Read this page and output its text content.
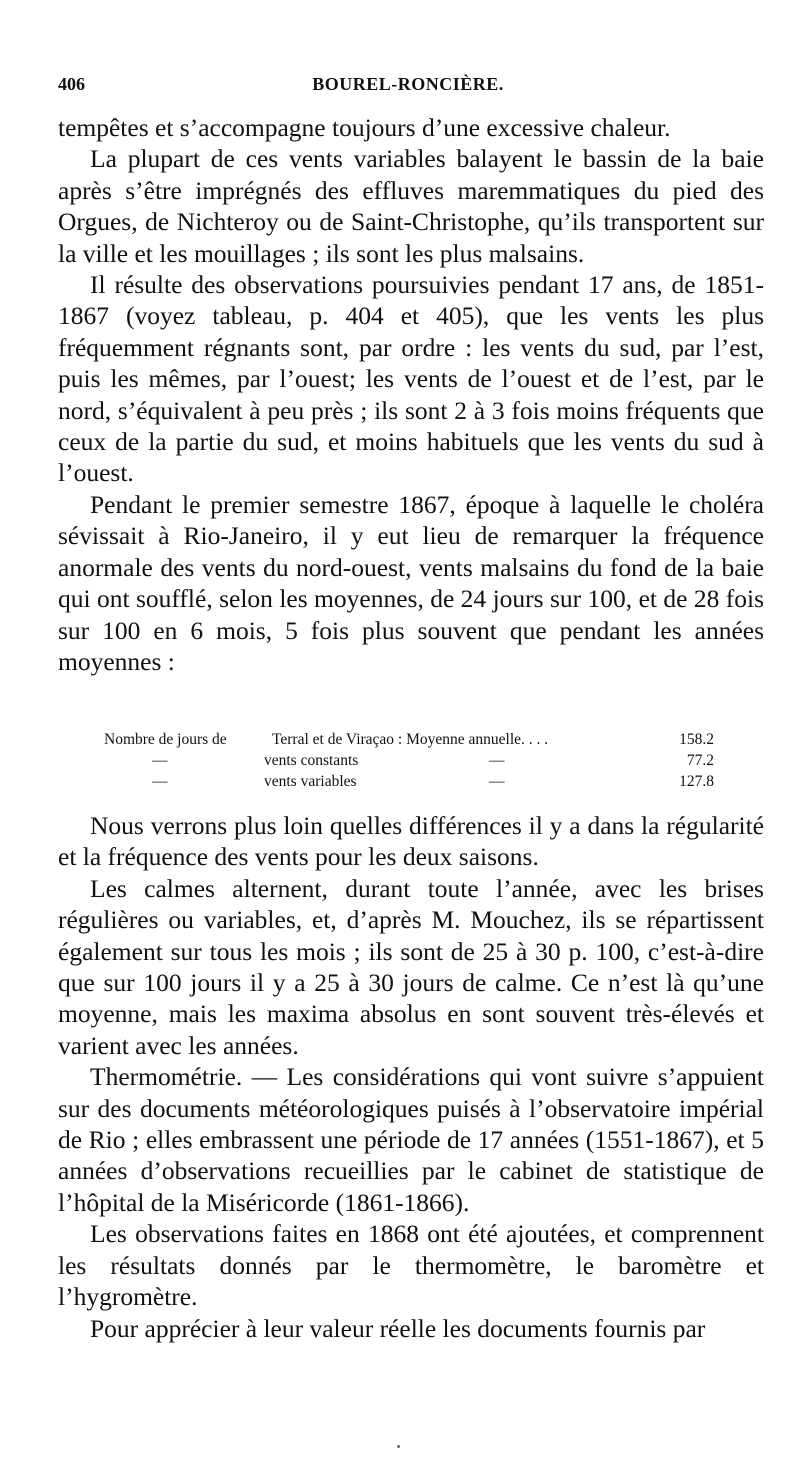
406	BOUREL-RONCIÈRE.

tempêtes et s’accompagne toujours d’une excessive chaleur.

La plupart de ces vents variables balayent le bassin de la baie après s’être imprégnés des effluves maremmatiques du pied des Orgues, de Nichteroy ou de Saint-Christophe, qu’ils transportent sur la ville et les mouillages ; ils sont les plus malsains.

Il résulte des observations poursuivies pendant 17 ans, de 1851-1867 (voyez tableau, p. 404 et 405), que les vents les plus fréquemment régnants sont, par ordre : les vents du sud, par l’est, puis les mêmes, par l’ouest; les vents de l’ouest et de l’est, par le nord, s’équivalent à peu près ; ils sont 2 à 3 fois moins fréquents que ceux de la partie du sud, et moins habituels que les vents du sud à l’ouest.

Pendant le premier semestre 1867, époque à laquelle le choléra sévissait à Rio-Janeiro, il y eut lieu de remarquer la fréquence anormale des vents du nord-ouest, vents malsains du fond de la baie qui ont soufflé, selon les moyennes, de 24 jours sur 100, et de 28 fois sur 100 en 6 mois, 5 fois plus souvent que pendant les années moyennes :

Nombre de jours de	Terral et de Viraçao : Moyenne annuelle. . . .	158.2
—	vents constants	—	77.2
—	vents variables	—	127.8

Nous verrons plus loin quelles différences il y a dans la régularité et la fréquence des vents pour les deux saisons.

Les calmes alternent, durant toute l’année, avec les brises régulières ou variables, et, d’après M. Mouchez, ils se répartissent également sur tous les mois ; ils sont de 25 à 30 p. 100, c’est-à-dire que sur 100 jours il y a 25 à 30 jours de calme. Ce n’est là qu’une moyenne, mais les maxima absolus en sont souvent très-élevés et varient avec les années.

Thermométrie. — Les considérations qui vont suivre s’appuient sur des documents météorologiques puisés à l’observatoire impérial de Rio ; elles embrassent une période de 17 années (1551-1867), et 5 années d’observations recueillies par le cabinet de statistique de l’hôpital de la Miséricorde (1861-1866).

Les observations faites en 1868 ont été ajoutées, et comprennent les résultats donnés par le thermomètre, le baromètre et l’hygromètre.

Pour apprécier à leur valeur réelle les documents fournis par
